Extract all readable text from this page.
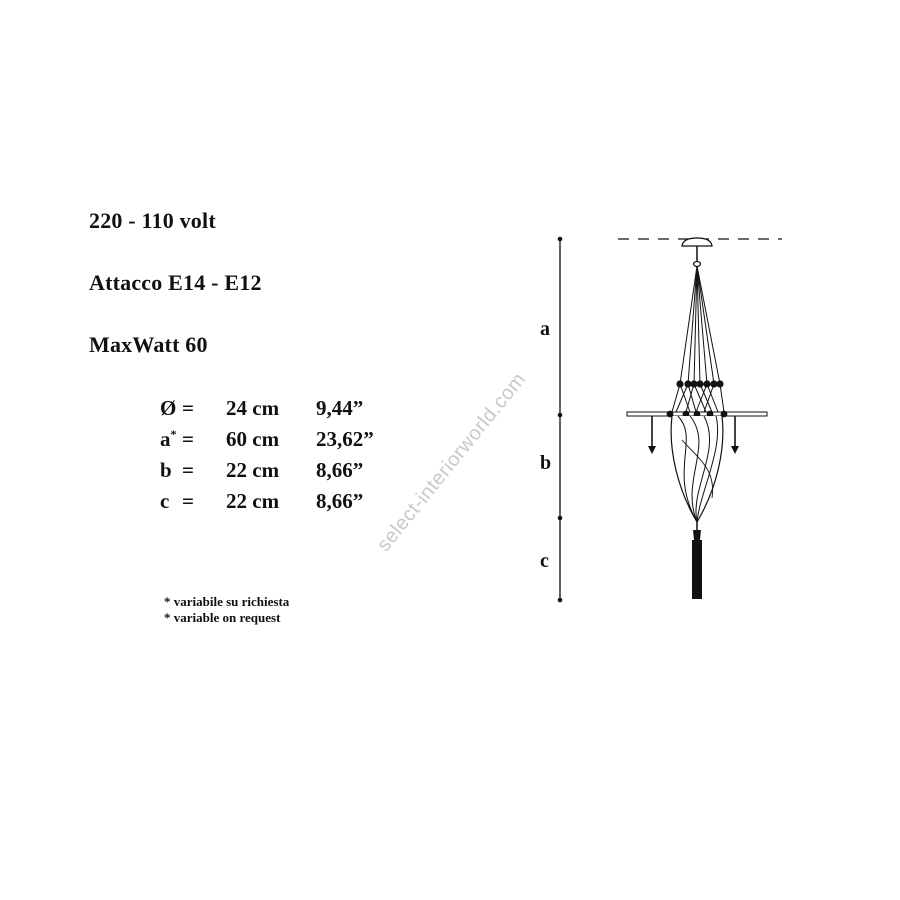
220 - 110 volt
Attacco E14 - E12
MaxWatt 60
Ø = 24 cm 9,44”
a* = 60 cm 23,62”
b = 22 cm 8,66”
c = 22 cm 8,66”
* variabile su richiesta
* variable on request
select-interiorworld.com
a
b
c
